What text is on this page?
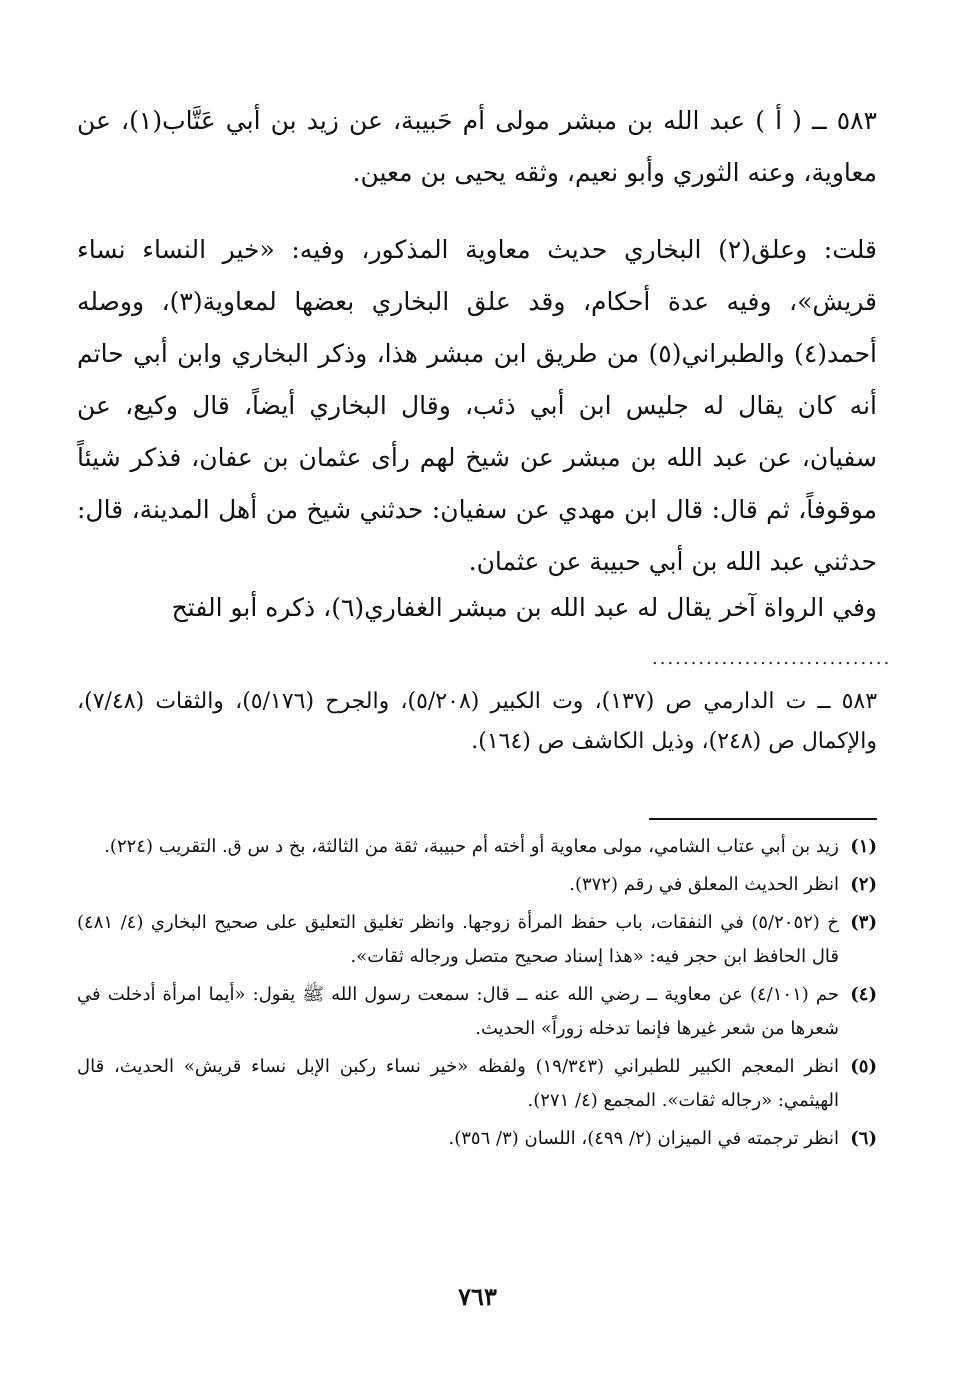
٥٨٣ ــ ( أ ) عبد الله بن مبشر مولى أم حَبيبة، عن زيد بن أبي عَتَّاب(١)، عن معاوية، وعنه الثوري وأبو نعيم، وثقه يحيى بن معين.

قلت: وعلق(٢) البخاري حديث معاوية المذكور، وفيه: «خير النساء نساء قريش»، وفيه عدة أحكام، وقد علق البخاري بعضها لمعاوية(٣)، ووصله أحمد(٤) والطبراني(٥) من طريق ابن مبشر هذا، وذكر البخاري وابن أبي حاتم أنه كان يقال له جليس ابن أبي ذئب، وقال البخاري أيضاً، قال وكيع، عن سفيان، عن عبد الله بن مبشر عن شيخ لهم رأى عثمان بن عفان، فذكر شيئاً موقوفاً، ثم قال: قال ابن مهدي عن سفيان: حدثني شيخ من أهل المدينة، قال: حدثني عبد الله بن أبي حبيبة عن عثمان.

وفي الرواة آخر يقال له عبد الله بن مبشر الغفاري(٦)، ذكره أبو الفتح

...............................

٥٨٣ ــ ت الدارمي ص (١٣٧)، وت الكبير (٥/٢٠٨)، والجرح (٥/١٧٦)، والثقات (٧/٤٨)، والإكمال ص (٢٤٨)، وذيل الكاشف ص (١٦٤).

(١)
زيد بن أبي عتاب الشامي، مولى معاوية أو أخته أم حبيبة، ثقة من الثالثة، بخ د س ق. التقريب (٢٢٤).
(٢)
انظر الحديث المعلق في رقم (٣٧٢).
(٣)
خ (٥/٢٠٥٢) في النفقات، باب حفظ المرأة زوجها. وانظر تغليق التعليق على صحيح البخاري (٤/ ٤٨١) قال الحافظ ابن حجر فيه: «هذا إسناد صحيح متصل ورجاله ثقات».
(٤)
حم (٤/١٠١) عن معاوية ــ رضي الله عنه ــ قال: سمعت رسول الله ﷺ يقول: «أيما امرأة أدخلت في شعرها من شعر غيرها فإنما تدخله زوراً» الحديث.
(٥)
انظر المعجم الكبير للطبراني (١٩/٣٤٣) ولفظه «خير نساء ركبن الإبل نساء قريش» الحديث، قال الهيثمي: «رجاله ثقات». المجمع (٤/ ٢٧١).
(٦)
انظر ترجمته في الميزان (٢/ ٤٩٩)، اللسان (٣/ ٣٥٦).
٧٦٣
